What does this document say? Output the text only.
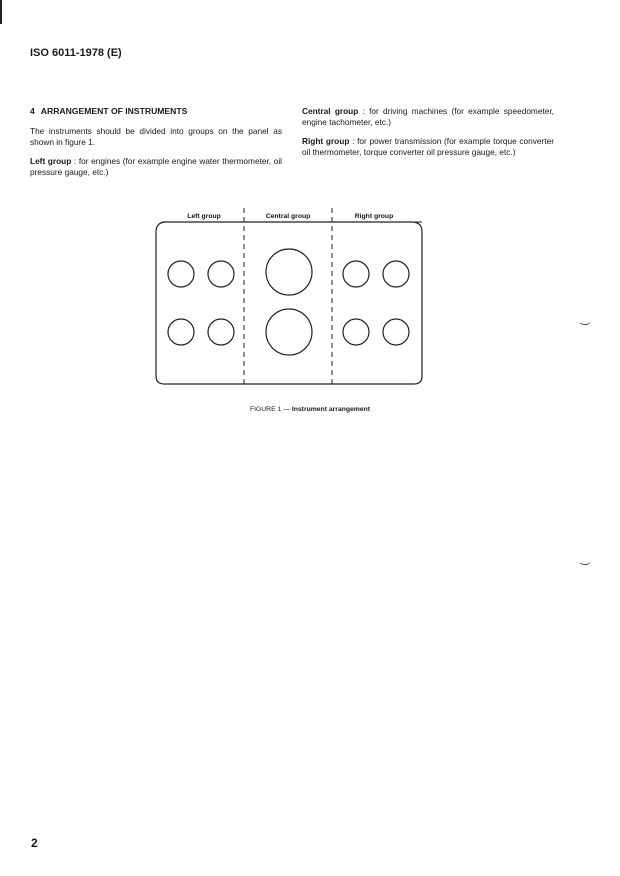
ISO 6011-1978 (E)
4 ARRANGEMENT OF INSTRUMENTS

The instruments should be divided into groups on the panel as shown in figure 1.

Left group : for engines (for example engine water thermometer, oil pressure gauge, etc.)

Central group : for driving machines (for example speedometer, engine tachometer, etc.)

Right group : for power transmission (for example torque converter oil thermometer, torque converter oil pressure gauge, etc.)

Left group	Central group	Right group
FIGURE 1 — Instrument arrangement
2
